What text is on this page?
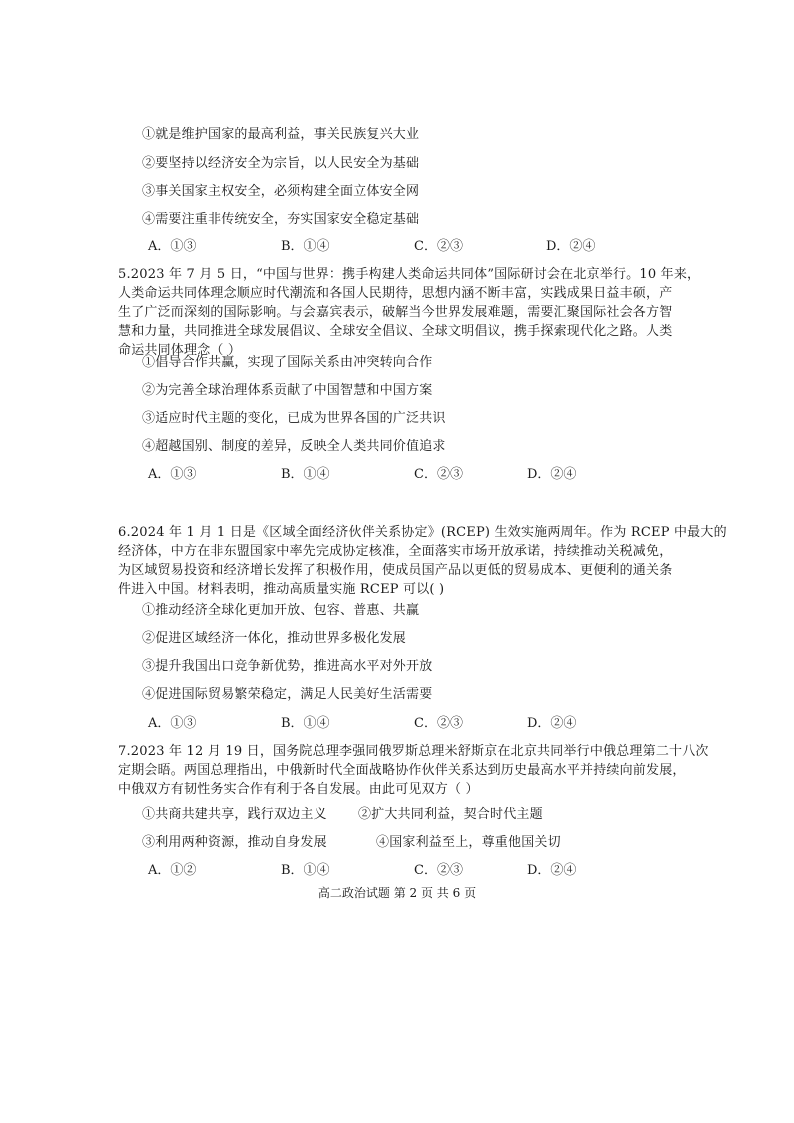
①就是维护国家的最高利益，事关民族复兴大业
②要坚持以经济安全为宗旨，以人民安全为基础
③事关国家主权安全，必须构建全面立体安全网
④需要注重非传统安全，夯实国家安全稳定基础
A．①③	B．①④	C．②③	D．②④
5.2023 年 7 月 5 日，“中国与世界：携手构建人类命运共同体”国际研讨会在北京举行。10 年来，
人类命运共同体理念顺应时代潮流和各国人民期待，思想内涵不断丰富，实践成果日益丰硕，产
生了广泛而深刻的国际影响。与会嘉宾表示，破解当今世界发展难题，需要汇聚国际社会各方智
慧和力量，共同推进全球发展倡议、全球安全倡议、全球文明倡议，携手探索现代化之路。人类
命运共同体理念（ ）
①倡导合作共赢，实现了国际关系由冲突转向合作
②为完善全球治理体系贡献了中国智慧和中国方案
③适应时代主题的变化，已成为世界各国的广泛共识
④超越国别、制度的差异，反映全人类共同价值追求
A．①③	B．①④	C．②③	D．②④
6.2024 年 1 月 1 日是《区域全面经济伙伴关系协定》(RCEP) 生效实施两周年。作为 RCEP 中最大的
经济体，中方在非东盟国家中率先完成协定核准，全面落实市场开放承诺，持续推动关税减免，
为区域贸易投资和经济增长发挥了积极作用，使成员国产品以更低的贸易成本、更便利的通关条
件进入中国。材料表明，推动高质量实施 RCEP 可以( )
①推动经济全球化更加开放、包容、普惠、共赢
②促进区域经济一体化，推动世界多极化发展
③提升我国出口竞争新优势，推进高水平对外开放
④促进国际贸易繁荣稳定，满足人民美好生活需要
A．①③	B．①④	C．②③	D．②④
7.2023 年 12 月 19 日，国务院总理李强同俄罗斯总理米舒斯京在北京共同举行中俄总理第二十八次
定期会晤。两国总理指出，中俄新时代全面战略协作伙伴关系达到历史最高水平并持续向前发展，
中俄双方有韧性务实合作有利于各自发展。由此可见双方（ ）
①共商共建共享，践行双边主义 ②扩大共同利益，契合时代主题
③利用两种资源，推动自身发展	④国家利益至上，尊重他国关切
A．①②	B．①④	C．②③	D．②④
高二政治试题 第 2 页 共 6 页
